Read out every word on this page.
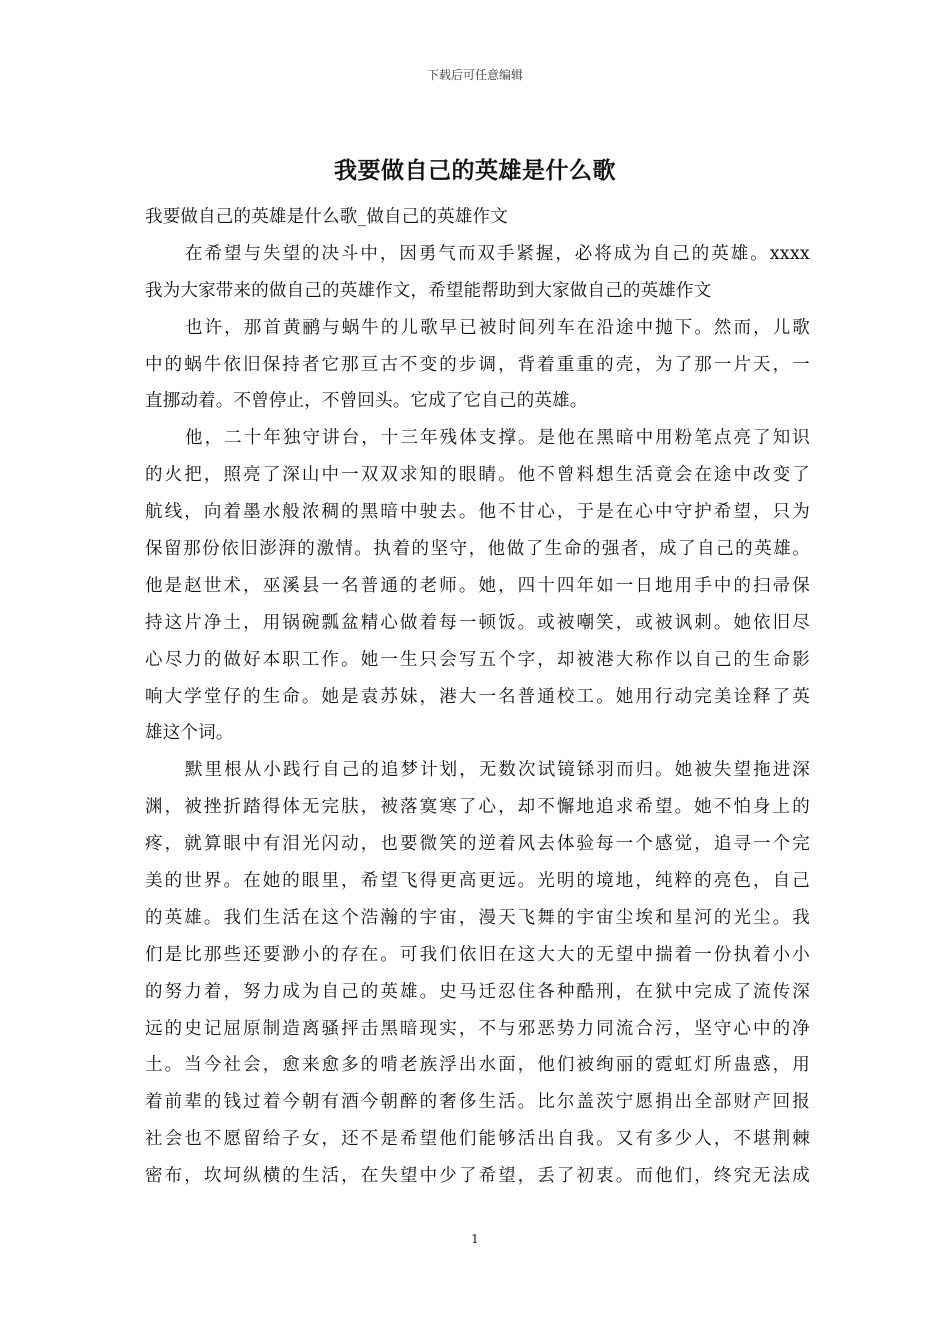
下载后可任意编辑
我要做自己的英雄是什么歌
我要做自己的英雄是什么歌_做自己的英雄作文
在希望与失望的决斗中，因勇气而双手紧握，必将成为自己的英雄。xxxx
我为大家带来的做自己的英雄作文，希望能帮助到大家做自己的英雄作文
也许，那首黄鹂与蜗牛的儿歌早已被时间列车在沿途中抛下。然而，儿歌
中的蜗牛依旧保持者它那亘古不变的步调，背着重重的壳，为了那一片天，一
直挪动着。不曾停止，不曾回头。它成了它自己的英雄。
他，二十年独守讲台，十三年残体支撑。是他在黑暗中用粉笔点亮了知识
的火把，照亮了深山中一双双求知的眼睛。他不曾料想生活竟会在途中改变了
航线，向着墨水般浓稠的黑暗中驶去。他不甘心，于是在心中守护希望，只为
保留那份依旧澎湃的激情。执着的坚守，他做了生命的强者，成了自己的英雄。
他是赵世术，巫溪县一名普通的老师。她，四十四年如一日地用手中的扫帚保
持这片净土，用锅碗瓢盆精心做着每一顿饭。或被嘲笑，或被讽刺。她依旧尽
心尽力的做好本职工作。她一生只会写五个字，却被港大称作以自己的生命影
响大学堂仔的生命。她是袁苏妹，港大一名普通校工。她用行动完美诠释了英
雄这个词。
默里根从小践行自己的追梦计划，无数次试镜铩羽而归。她被失望拖进深
渊，被挫折踏得体无完肤，被落寞寒了心，却不懈地追求希望。她不怕身上的
疼，就算眼中有泪光闪动，也要微笑的逆着风去体验每一个感觉，追寻一个完
美的世界。在她的眼里，希望飞得更高更远。光明的境地，纯粹的亮色，自己
的英雄。我们生活在这个浩瀚的宇宙，漫天飞舞的宇宙尘埃和星河的光尘。我
们是比那些还要渺小的存在。可我们依旧在这大大的无望中揣着一份执着小小
的努力着，努力成为自己的英雄。史马迁忍住各种酷刑，在狱中完成了流传深
远的史记屈原制造离骚抨击黑暗现实，不与邪恶势力同流合污，坚守心中的净
土。当今社会，愈来愈多的啃老族浮出水面，他们被绚丽的霓虹灯所蛊惑，用
着前辈的钱过着今朝有酒今朝醉的奢侈生活。比尔盖茨宁愿捐出全部财产回报
社会也不愿留给子女，还不是希望他们能够活出自我。又有多少人，不堪荆棘
密布，坎坷纵横的生活，在失望中少了希望，丢了初衷。而他们，终究无法成
1
